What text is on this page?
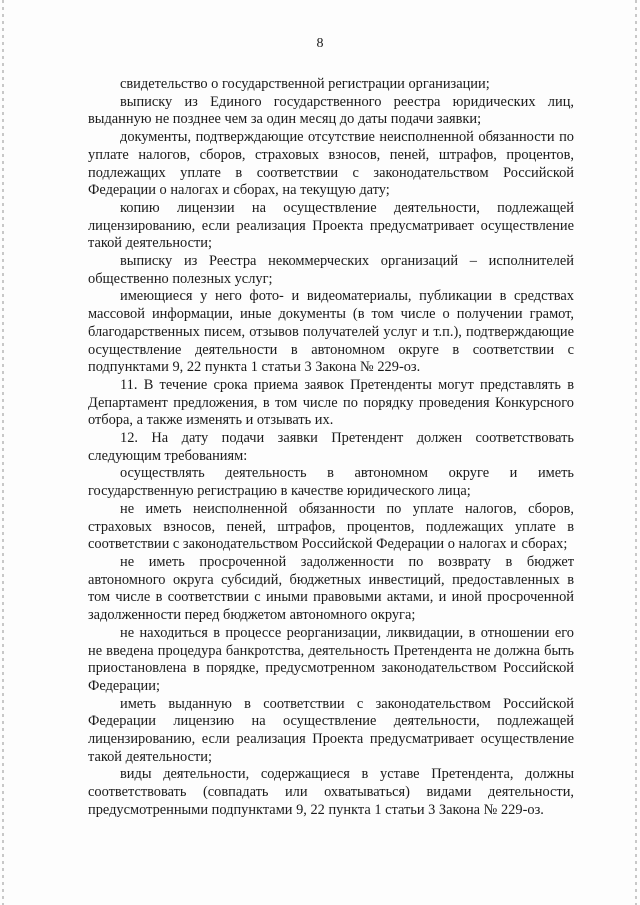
8

свидетельство о государственной регистрации организации;

выписку из Единого государственного реестра юридических лиц, выданную не позднее чем за один месяц до даты подачи заявки;

документы, подтверждающие отсутствие неисполненной обязанности по уплате налогов, сборов, страховых взносов, пеней, штрафов, процентов, подлежащих уплате в соответствии с законодательством Российской Федерации о налогах и сборах, на текущую дату;

копию лицензии на осуществление деятельности, подлежащей лицензированию, если реализация Проекта предусматривает осуществление такой деятельности;

выписку из Реестра некоммерческих организаций – исполнителей общественно полезных услуг;

имеющиеся у него фото- и видеоматериалы, публикации в средствах массовой информации, иные документы (в том числе о получении грамот, благодарственных писем, отзывов получателей услуг и т.п.), подтверждающие осуществление деятельности в автономном округе в соответствии с подпунктами 9, 22 пункта 1 статьи 3 Закона № 229-оз.

11. В течение срока приема заявок Претенденты могут представлять в Департамент предложения, в том числе по порядку проведения Конкурсного отбора, а также изменять и отзывать их.

12. На дату подачи заявки Претендент должен соответствовать следующим требованиям:

осуществлять деятельность в автономном округе и иметь государственную регистрацию в качестве юридического лица;

не иметь неисполненной обязанности по уплате налогов, сборов, страховых взносов, пеней, штрафов, процентов, подлежащих уплате в соответствии с законодательством Российской Федерации о налогах и сборах;

не иметь просроченной задолженности по возврату в бюджет автономного округа субсидий, бюджетных инвестиций, предоставленных в том числе в соответствии с иными правовыми актами, и иной просроченной задолженности перед бюджетом автономного округа;

не находиться в процессе реорганизации, ликвидации, в отношении его не введена процедура банкротства, деятельность Претендента не должна быть приостановлена в порядке, предусмотренном законодательством Российской Федерации;

иметь выданную в соответствии с законодательством Российской Федерации лицензию на осуществление деятельности, подлежащей лицензированию, если реализация Проекта предусматривает осуществление такой деятельности;

виды деятельности, содержащиеся в уставе Претендента, должны соответствовать (совпадать или охватываться) видами деятельности, предусмотренными подпунктами 9, 22 пункта 1 статьи 3 Закона № 229-оз.
